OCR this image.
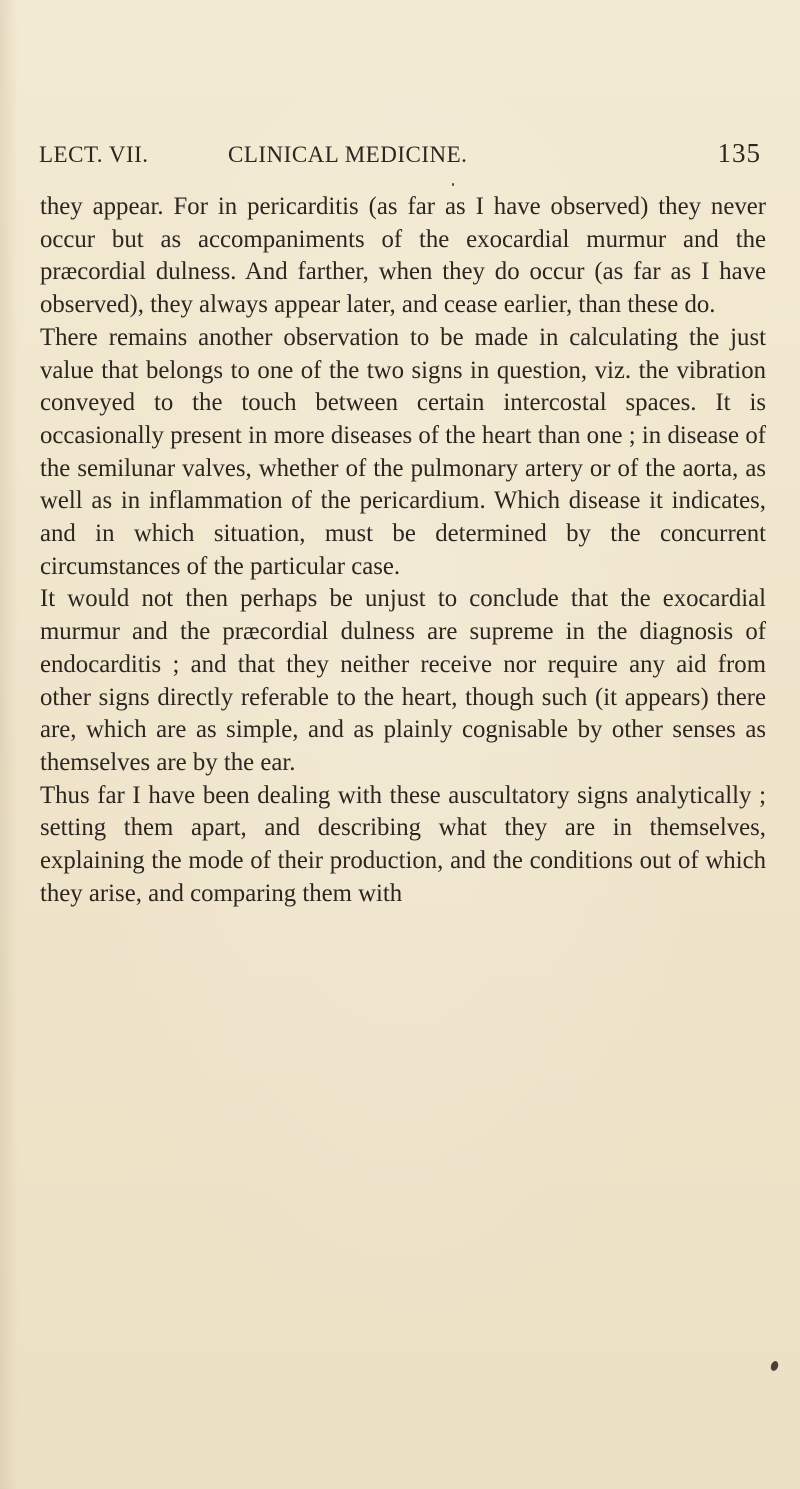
LECT. VII.	CLINICAL MEDICINE.	135

they appear. For in pericarditis (as far as I have observed) they never occur but as accompaniments of the exocardial murmur and the præcordial dulness. And farther, when they do occur (as far as I have observed), they always appear later, and cease earlier, than these do.

There remains another observation to be made in calculating the just value that belongs to one of the two signs in question, viz. the vibration conveyed to the touch between certain intercostal spaces. It is occasionally present in more diseases of the heart than one ; in disease of the semilunar valves, whether of the pulmonary artery or of the aorta, as well as in inflammation of the pericardium. Which disease it indicates, and in which situation, must be determined by the concurrent circumstances of the particular case.

It would not then perhaps be unjust to conclude that the exocardial murmur and the præcordial dulness are supreme in the diagnosis of endocarditis ; and that they neither receive nor require any aid from other signs directly referable to the heart, though such (it appears) there are, which are as simple, and as plainly cognisable by other senses as themselves are by the ear.

Thus far I have been dealing with these auscultatory signs analytically ; setting them apart, and describing what they are in themselves, explaining the mode of their production, and the conditions out of which they arise, and comparing them with
